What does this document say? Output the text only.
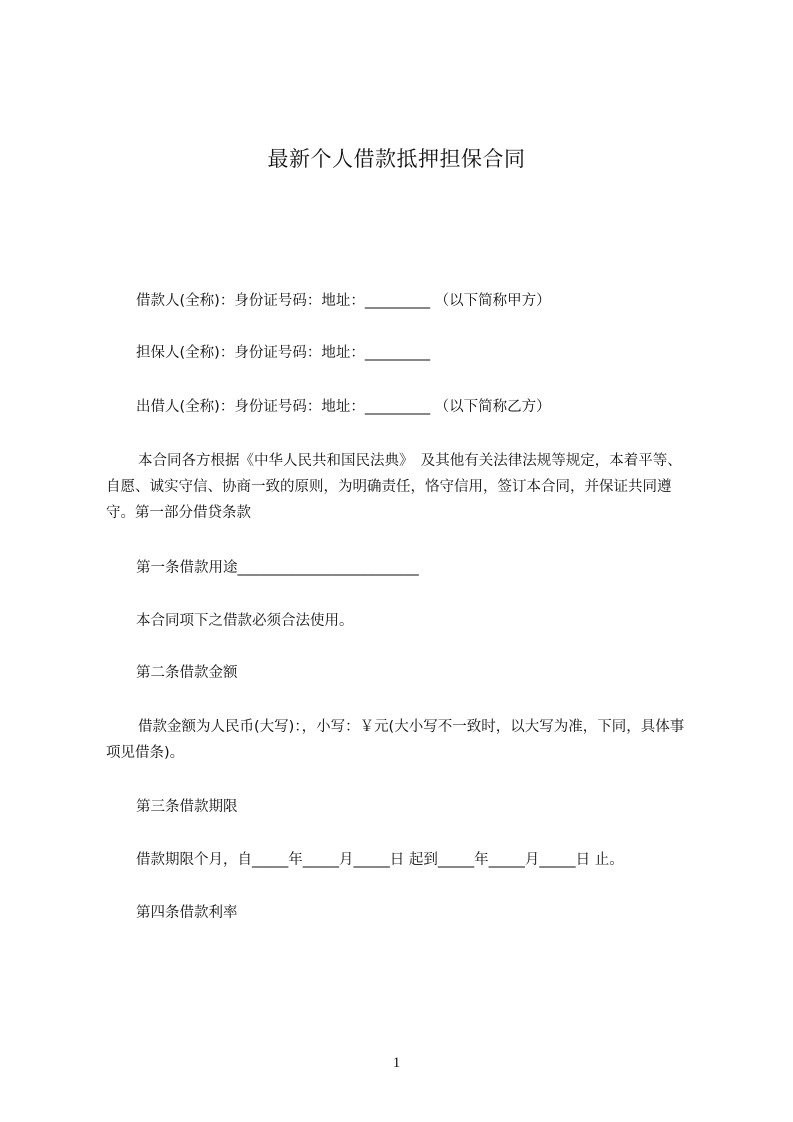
最新个人借款抵押担保合同

借款人(全称)：身份证号码：地址：_________ （以下简称甲方）

担保人(全称)：身份证号码：地址：_________

出借人(全称)：身份证号码：地址：_________ （以下简称乙方）

本合同各方根据《中华人民共和国民法典》　及其他有关法律法规等规定，本着平等、自愿、诚实守信、协商一致的原则，为明确责任，恪守信用，签订本合同，并保证共同遵守。第一部分借贷条款

第一条借款用途_________________________

本合同项下之借款必须合法使用。

第二条借款金额

借款金额为人民币(大写)：，小写：￥元(大小写不一致时，以大写为准，下同，具体事项见借条)。

第三条借款期限

借款期限个月，自_____年_____月_____日 起到_____年_____月_____日 止。

第四条借款利率

1
